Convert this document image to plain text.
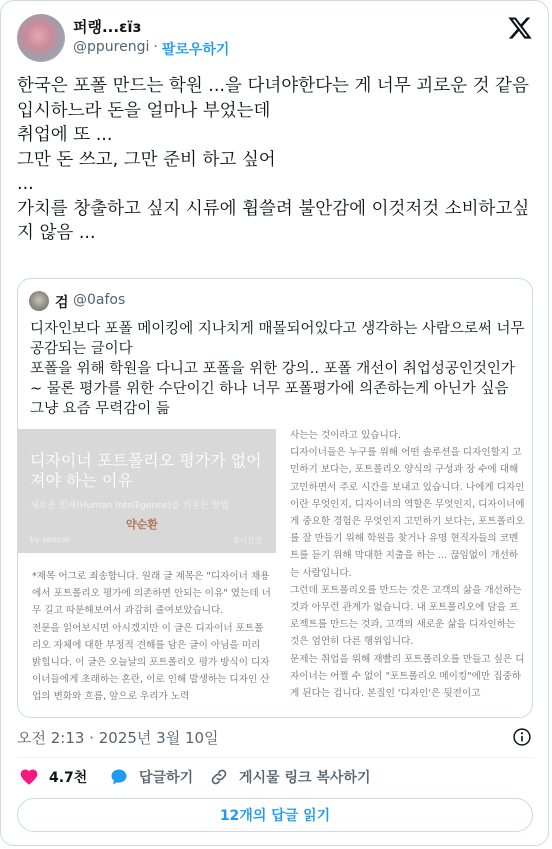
퍼랭...εïз
@ppurengi · 팔로우하기
한국은 포폴 만드는 학원 ...을 다녀야한다는 게 너무 괴로운 것 같음
입시하느라 돈을 얼마나 부었는데
취업에 또 ...
그만 돈 쓰고, 그만 준비 하고 싶어
...
가치를 창출하고 싶지 시류에 휩쓸려 불안감에 이것저것 소비하고싶지 않음 ...
검 @0afos
디자인보다 포폴 메이킹에 지나치게 매몰되어있다고 생각하는 사람으로써 너무 공감되는 글이다
포폴을 위해 학원을 다니고 포폴을 위한 강의.. 포폴 개선이 취업성공인것인가~ 물론 평가를 위한 수단이긴 하나 너무 포폴평가에 의존하는게 아닌가 싶음 그냥 요즘 무력감이 듦
디자이너 포트폴리오 평가가 없어져야 하는 이유
새로운 인재(Human Intelligence)를 키우는 방법
약순환
by seezak	5시간전
*제목 어그로 죄송합니다. 원래 글 제목은 "디자이너 채용에서 포트폴리오 평가에 의존하면 안되는 이유" 였는데 너무 길고 따분해보여서 과감히 줄여보았습니다.
전문을 읽어보시면 아시겠지만 이 글은 디자이너 포트폴리오 자체에 대한 부정적 견해를 담은 글이 아님을 미리 밝힙니다. 이 글은 오늘날의 포트폴리오 평가 방식이 디자이너들에게 초래하는 혼란, 이로 인해 발생하는 디자인 산업의 변화와 흐름, 앞으로 우리가 노력
사는는 것이라고 있습니다.
디자이너들은 누구를 위해 어떤 솔루션을 디자인할지 고민하기 보다는, 포트폴리오 양식의 구성과 장 수에 대해 고민하면서 주로 시간을 보내고 있습니다. 나에게 디자인이란 무엇인지, 디자이너의 역할은 무엇인지, 디자이너에게 중요한 경험은 무엇인지 고민하기 보다는, 포트폴리오를 잘 만들기 위해 학원을 찾거나 유명 현직자들의 코멘트를 듣기 위해 막대한 지출을 하는 ... 끊임없이 개선하는 사람입니다.
그런데 포트폴리오를 만드는 것은 고객의 삶을 개선하는 것과 아무런 관계가 없습니다. 내 포트폴리오에 담을 프로젝트를 만드는 것과, 고객의 새로운 삶을 디자인하는 것은 엄연히 다른 행위입니다.
문제는 취업을 위해 재빨리 포트폴리오를 만들고 싶은 디자이너는 어쩔 수 없이 "포트폴리오 메이킹"에만 집중하게 된다는 겁니다. 본질인 '디자인'은 뒷전이고
오전 2:13 · 2025년 3월 10일
4.7천	답글하기	게시물 링크 복사하기
12개의 답글 읽기
